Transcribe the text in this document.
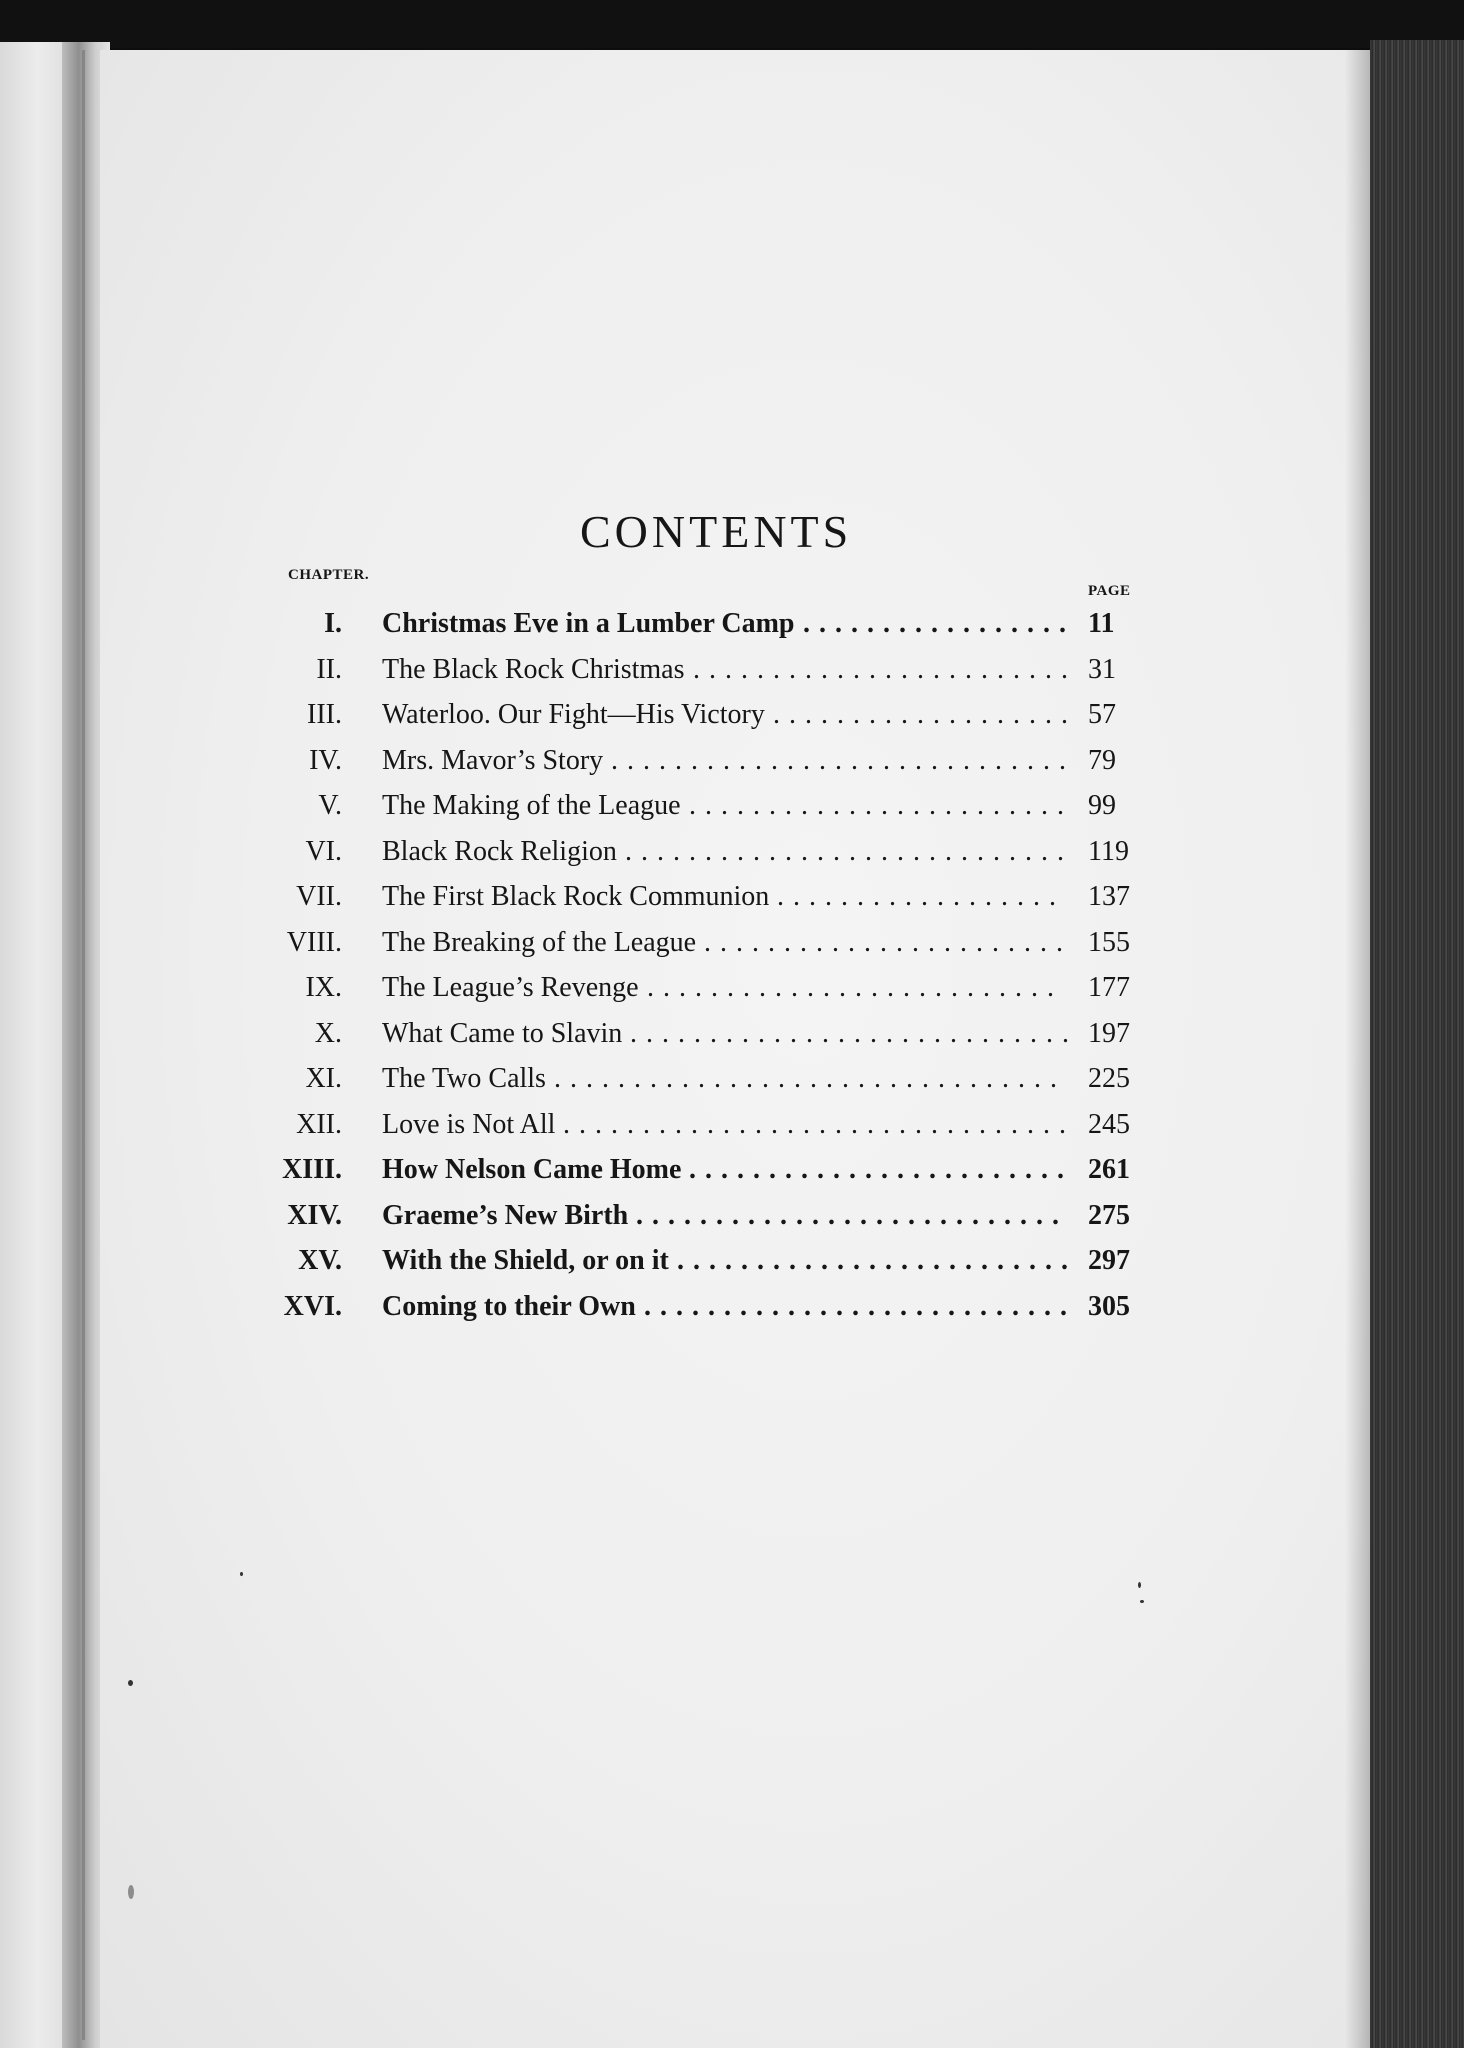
CONTENTS
CHAPTER.
PAGE
I. Christmas Eve in a Lumber Camp ................. 11
II. The Black Rock Christmas ........................ 31
III. Waterloo. Our Fight—His Victory ................... 57
IV. Mrs. Mavor’s Story ............................. 79
V. The Making of the League ........................ 99
VI. Black Rock Religion ............................ 119
VII. The First Black Rock Communion .................. 137
VIII. The Breaking of the League ....................... 155
IX. The League’s Revenge .......................... 177
X. What Came to Slavin ............................ 197
XI. The Two Calls ................................ 225
XII. Love is Not All ................................ 245
XIII. How Nelson Came Home ........................ 261
XIV. Graeme’s New Birth ........................... 275
XV. With the Shield, or on it ......................... 297
XVI. Coming to their Own ........................... 305
